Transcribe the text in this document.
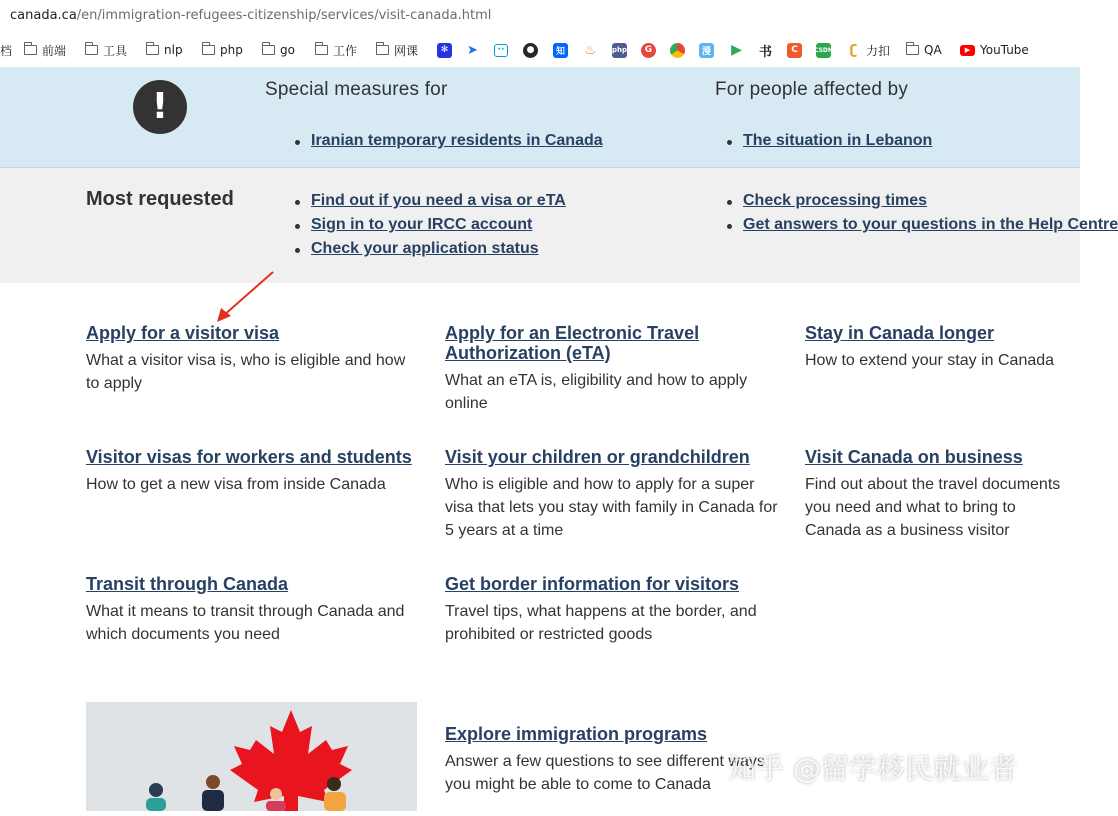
canada.ca/en/immigration-refugees-citizenship/services/visit-canada.html
档 前端	工具	nlp	php	go	工作	网课	✻ ➤	··	●	知 ♨ php	G	漫 ▶ 书	C	CSDN ʗ 力扣	QA	▶ YouTube
!	Special measures for
Iranian temporary residents in Canada
For people affected by
The situation in Lebanon
Most requested	Find out if you need a visa or eTA
Sign in to your IRCC account
Check your application status
Check processing times
Get answers to your questions in the Help Centre
Apply for a visitor visa
What a visitor visa is, who is eligible and how to apply
Apply for an Electronic Travel Authorization (eTA)
What an eTA is, eligibility and how to apply online
Stay in Canada longer
How to extend your stay in Canada
Visitor visas for workers and students
How to get a new visa from inside Canada
Visit your children or grandchildren
Who is eligible and how to apply for a super visa that lets you stay with family in Canada for 5 years at a time
Visit Canada on business
Find out about the travel documents you need and what to bring to Canada as a business visitor
Transit through Canada
What it means to transit through Canada and which documents you need
Get border information for visitors
Travel tips, what happens at the border, and prohibited or restricted goods
Explore immigration programs
Answer a few questions to see different ways you might be able to come to Canada 知乎 @留学移民就业者
